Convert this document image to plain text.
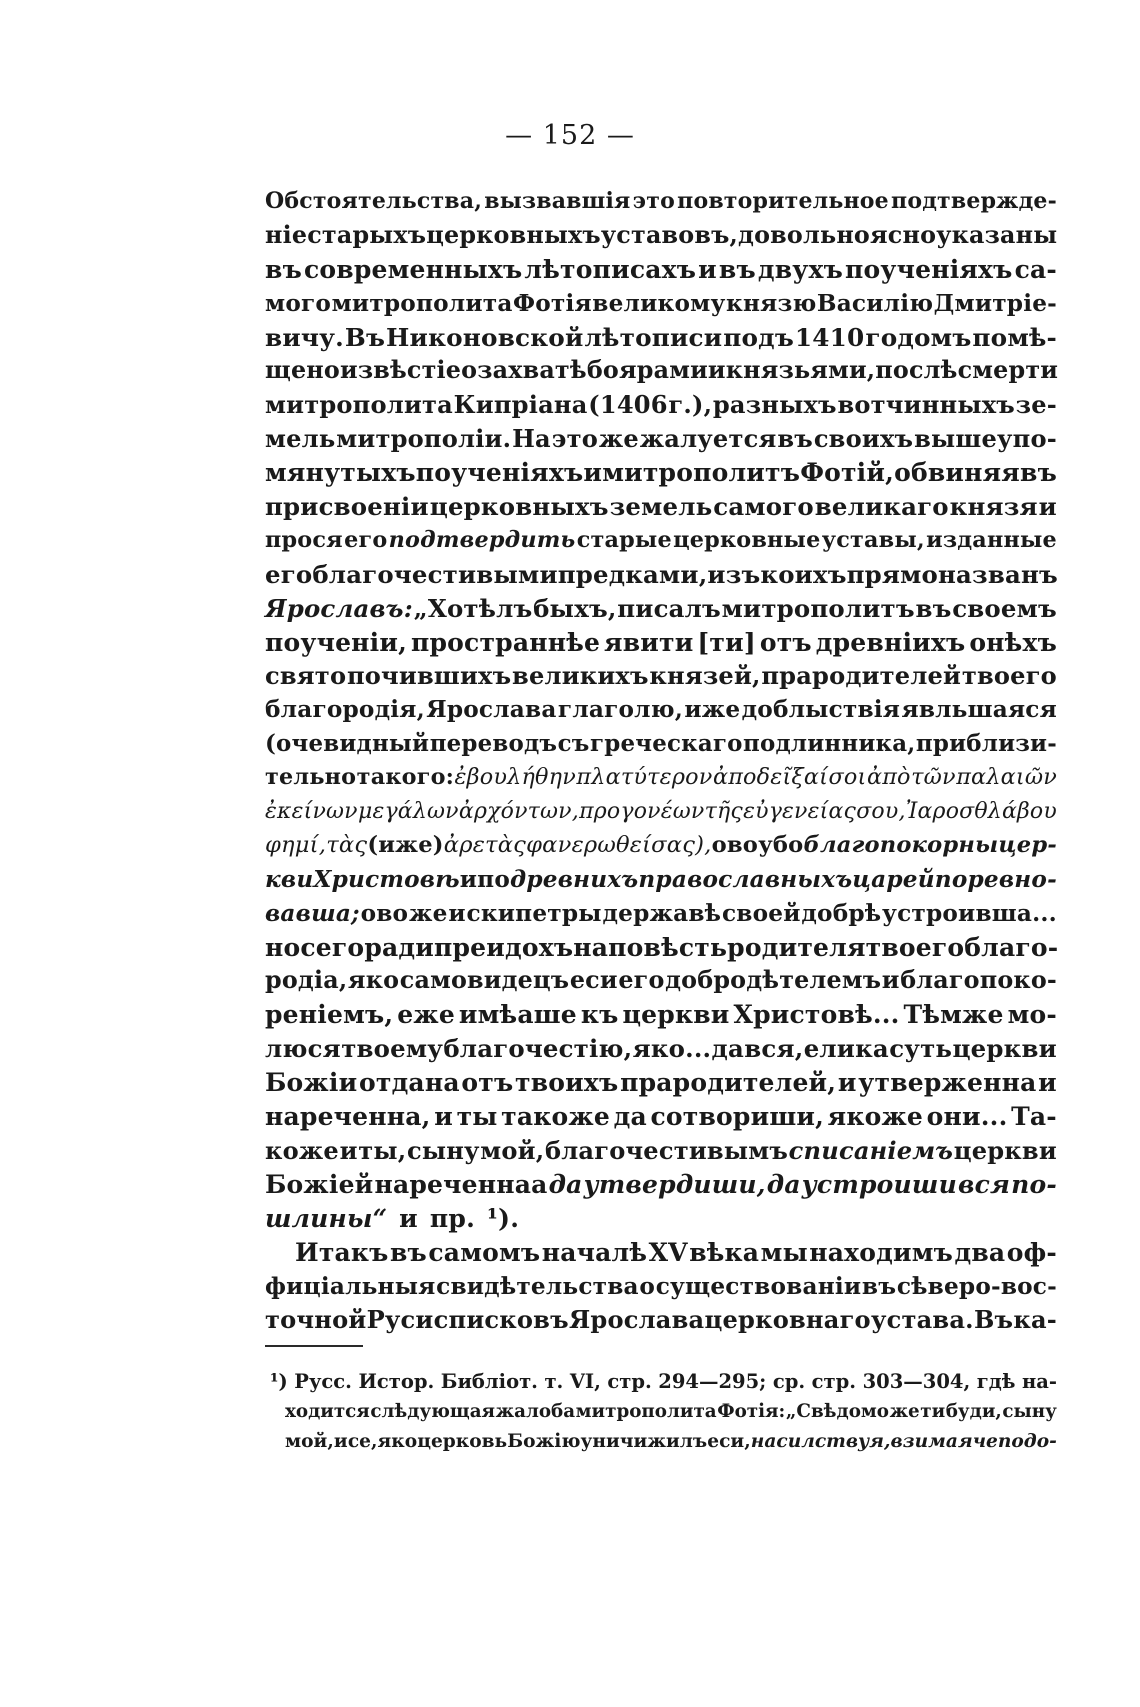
— 152 —
Обстоятельства, вызвавшія это повторительное подтвержде-
ніе старыхъ церковныхъ уставовъ, довольно ясно указаны
въ современныхъ лѣтописахъ и въ двухъ поученіяхъ са-
мого митрополита Фотія великому князю Василію Дмитріе-
вичу. Въ Никоновской лѣтописи подъ 1410 годомъ помѣ-
щено извѣстіе о захватѣ боярами и князьями, послѣ смерти
митрополита Кипріана (1406 г.), разныхъ вотчинныхъ зе-
мель митрополіи. На это же жалуется въ своихъ вышеупо-
мянутыхъ поученіяхъ и митрополитъ Фотій, обвиняя въ
присвоеніи церковныхъ земель самого великаго князя и
прося его подтвердить старые церковные уставы, изданные
его благочестивыми предками, изъ коихъ прямо названъ
Ярославъ: „Хотѣлъ быхъ, писалъ митрополитъ въ своемъ
поученіи, пространнѣе явити [ти] отъ древніихъ онѣхъ
свято почившихъ великихъ князей, прародителей твоего
благородія, Ярослава глаголю, иже доблыствія явльшаяся
(очевидный переводъ съ греческаго подлинника, приблизи-
тельно такого: ἐβουλήθην πλατύτερον ἀποδεῖξαί σοι ἀπὸ τῶν παλαιῶν
ἐκείνων μεγάλων ἀρχόντων, προγονέων τῆς εὐγενείας σου, Ἰαροσθλάβου
φημί, τὰς (иже) ἀρετὰς φανερωθείσας), ово убо благопокорны цер-
кви Христовѣ и по древнихъ православныхъ царей поревно-
вавша; ово же и скипетры державѣ своей добрѣ устроивша...
но сего ради преидохъ на повѣсть родителя твоего благо-
родіа, яко самовидецъ еси его добродѣтелемъ и благопоко-
реніемъ, еже имѣаше къ церкви Христовѣ... Тѣмже мо-
люся твоему благочестію, яко... да вся, елика суть церкви
Божіи отдана отъ твоихъ прародителей, и утверженна и
нареченна, и ты такоже да сотвориши, якоже они... Та-
коже и ты, сыну мой, благочестивымъ списаніемъ церкви
Божіей нареченнаа да утвердиши, да устроиши вся по-
шлины“ и пр. ¹).
Итакъ въ самомъ началѣ XV вѣка мы находимъ два оф-
фиціальныя свидѣтельства о существованіи въ сѣверо-вос-
точной Руси списковъ Ярослава церковнаго устава. Въ ка-
¹) Русс. Истор. Библіот. т. VI, стр. 294—295; ср. стр. 303—304, гдѣ на-
ходится слѣдующая жалоба митрополита Фотія: „Свѣдомо же ти буди, сыну
мой, и се, яко церковь Божію уничижилъ еси, насилствуя, взимая чеподо-
